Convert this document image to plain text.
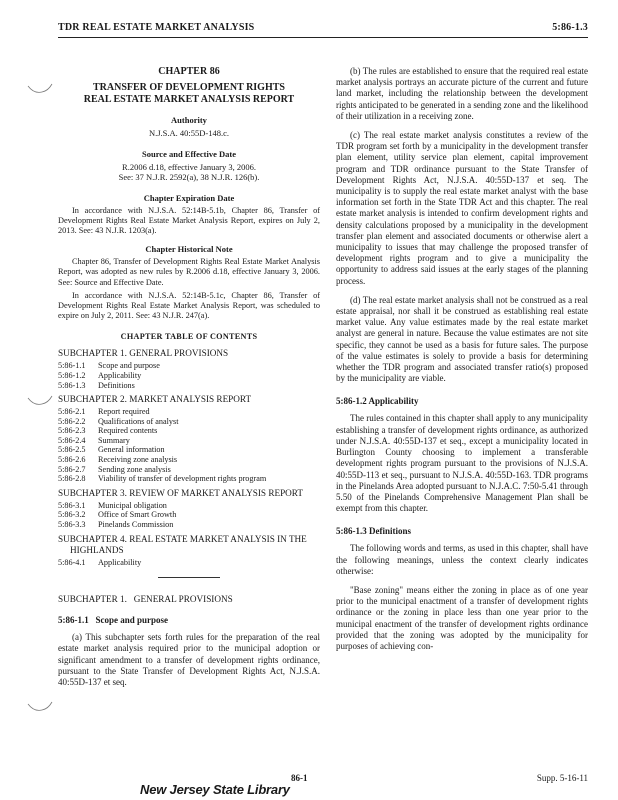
TDR REAL ESTATE MARKET ANALYSIS	5:86-1.3

CHAPTER 86

TRANSFER OF DEVELOPMENT RIGHTS
REAL ESTATE MARKET ANALYSIS REPORT

Authority

N.J.S.A. 40:55D-148.c.

Source and Effective Date

R.2006 d.18, effective January 3, 2006.

See: 37 N.J.R. 2592(a), 38 N.J.R. 126(b).

Chapter Expiration Date

In accordance with N.J.S.A. 52:14B-5.1b, Chapter 86, Transfer of Development Rights Real Estate Market Analysis Report, expires on July 2, 2013. See: 43 N.J.R. 1203(a).

Chapter Historical Note

Chapter 86, Transfer of Development Rights Real Estate Market Analysis Report, was adopted as new rules by R.2006 d.18, effective January 3, 2006. See: Source and Effective Date.

In accordance with N.J.S.A. 52:14B-5.1c, Chapter 86, Transfer of Development Rights Real Estate Market Analysis Report, was scheduled to expire on July 2, 2011. See: 43 N.J.R. 247(a).

CHAPTER TABLE OF CONTENTS

SUBCHAPTER 1. GENERAL PROVISIONS

5:86-1.1	Scope and purpose
5:86-1.2	Applicability
5:86-1.3	Definitions

SUBCHAPTER 2. MARKET ANALYSIS REPORT

5:86-2.1	Report required
5:86-2.2	Qualifications of analyst
5:86-2.3	Required contents
5:86-2.4	Summary
5:86-2.5	General information
5:86-2.6	Receiving zone analysis
5:86-2.7	Sending zone analysis
5:86-2.8	Viability of transfer of development rights program

SUBCHAPTER 3. REVIEW OF MARKET ANALYSIS REPORT

5:86-3.1	Municipal obligation
5:86-3.2	Office of Smart Growth
5:86-3.3	Pinelands Commission

SUBCHAPTER 4. REAL ESTATE MARKET ANALYSIS IN THE HIGHLANDS

5:86-4.1	Applicability

SUBCHAPTER 1.   GENERAL PROVISIONS

5:86-1.1   Scope and purpose

(a) This subchapter sets forth rules for the preparation of the real estate market analysis required prior to the municipal adoption or significant amendment to a transfer of development rights ordinance, pursuant to the State Transfer of Development Rights Act, N.J.S.A. 40:55D-137 et seq.

(b) The rules are established to ensure that the required real estate market analysis portrays an accurate picture of the current and future land market, including the relationship between the development rights anticipated to be generated in a sending zone and the likelihood of their utilization in a receiving zone.

(c) The real estate market analysis constitutes a review of the TDR program set forth by a municipality in the development transfer plan element, utility service plan element, capital improvement program and TDR ordinance pursuant to the State Transfer of Development Rights Act, N.J.S.A. 40:55D-137 et seq. The municipality is to supply the real estate market analyst with the base information set forth in the State TDR Act and this chapter. The real estate market analysis is intended to confirm development rights and density calculations proposed by a municipality in the development transfer plan element and associated documents or otherwise alert a municipality to issues that may challenge the proposed transfer of development rights program and to give a municipality the opportunity to address said issues at the early stages of the planning process.

(d) The real estate market analysis shall not be construed as a real estate appraisal, nor shall it be construed as establishing real estate market value. Any value estimates made by the real estate market analyst are general in nature. Because the value estimates are not site specific, they cannot be used as a basis for future sales. The purpose of the value estimates is solely to provide a basis for determining whether the TDR program and associated transfer ratio(s) proposed by the municipality are viable.

5:86-1.2 Applicability

The rules contained in this chapter shall apply to any municipality establishing a transfer of development rights ordinance, as authorized under N.J.S.A. 40:55D-137 et seq., except a municipality located in Burlington County choosing to implement a transferable development rights program pursuant to the provisions of N.J.S.A. 40:55D-113 et seq., pursuant to N.J.S.A. 40:55D-163. TDR programs in the Pinelands Area adopted pursuant to N.J.A.C. 7:50-5.41 through 5.50 of the Pinelands Comprehensive Management Plan shall be exempt from this chapter.

5:86-1.3 Definitions

The following words and terms, as used in this chapter, shall have the following meanings, unless the context clearly indicates otherwise:

"Base zoning" means either the zoning in place as of one year prior to the municipal enactment of a transfer of development rights ordinance or the zoning in place less than one year prior to the municipal enactment of the transfer of development rights ordinance provided that the zoning was adopted by the municipality for purposes of achieving con-

86-1	Supp. 5-16-11
New Jersey State Library
